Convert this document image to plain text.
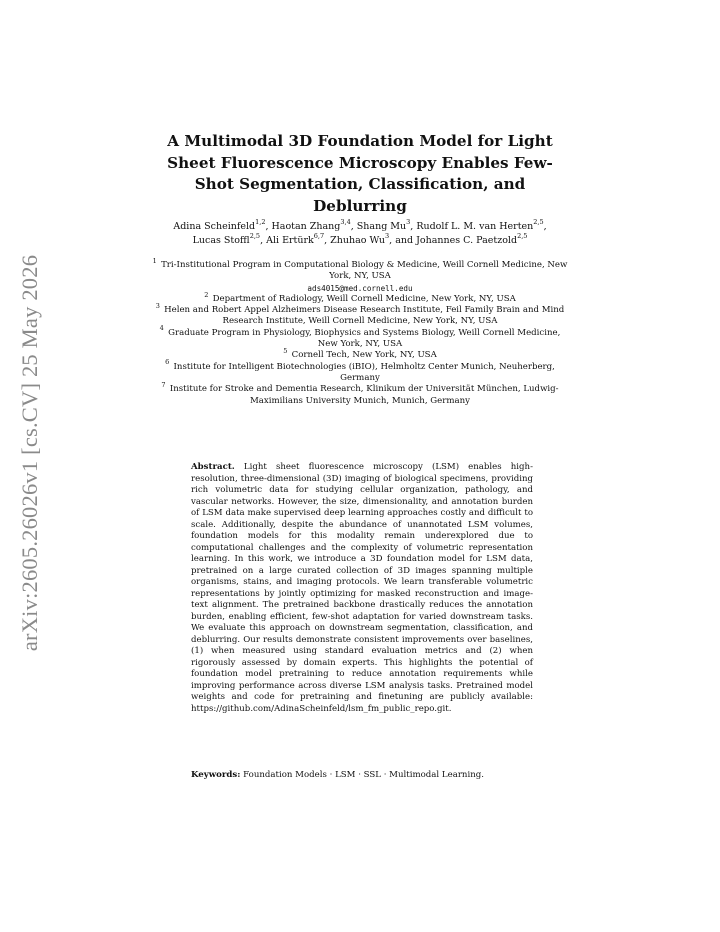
arXiv:2605.26026v1 [cs.CV] 25 May 2026
A Multimodal 3D Foundation Model for Light Sheet Fluorescence Microscopy Enables Few-Shot Segmentation, Classification, and Deblurring
Adina Scheinfeld$^{1,2}$, Haotan Zhang$^{3,4}$, Shang Mu$^3$, Rudolf L. M. van Herten$^{2,5}$,
Lucas Stoffl$^{2,5}$, Ali Ertürk$^{6,7}$, Zhuhao Wu$^3$, and Johannes C. Paetzold$^{2,5}$
$^1$ Tri-Institutional Program in Computational Biology & Medicine, Weill Cornell Medicine, New York, NY, USA
ads4015@med.cornell.edu
$^2$ Department of Radiology, Weill Cornell Medicine, New York, NY, USA
$^3$ Helen and Robert Appel Alzheimers Disease Research Institute, Feil Family Brain and Mind Research Institute, Weill Cornell Medicine, New York, NY, USA
$^4$ Graduate Program in Physiology, Biophysics and Systems Biology, Weill Cornell Medicine, New York, NY, USA
$^5$ Cornell Tech, New York, NY, USA
$^6$ Institute for Intelligent Biotechnologies (iBIO), Helmholtz Center Munich, Neuherberg, Germany
$^7$ Institute for Stroke and Dementia Research, Klinikum der Universität München, Ludwig-Maximilians University Munich, Munich, Germany
Abstract. Light sheet fluorescence microscopy (LSM) enables high-resolution, three-dimensional (3D) imaging of biological specimens, providing rich volumetric data for studying cellular organization, pathology, and vascular networks. However, the size, dimensionality, and annotation burden of LSM data make supervised deep learning approaches costly and difficult to scale. Additionally, despite the abundance of unannotated LSM volumes, foundation models for this modality remain underexplored due to computational challenges and the complexity of volumetric representation learning. In this work, we introduce a 3D foundation model for LSM data, pretrained on a large curated collection of 3D images spanning multiple organisms, stains, and imaging protocols. We learn transferable volumetric representations by jointly optimizing for masked reconstruction and image-text alignment. The pretrained backbone drastically reduces the annotation burden, enabling efficient, few-shot adaptation for varied downstream tasks. We evaluate this approach on downstream segmentation, classification, and deblurring. Our results demonstrate consistent improvements over baselines, (1) when measured using standard evaluation metrics and (2) when rigorously assessed by domain experts. This highlights the potential of foundation model pretraining to reduce annotation requirements while improving performance across diverse LSM analysis tasks. Pretrained model weights and code for pretraining and finetuning are publicly available: https://github.com/AdinaScheinfeld/lsm_fm_public_repo.git.
Keywords: Foundation Models · LSM · SSL · Multimodal Learning.
